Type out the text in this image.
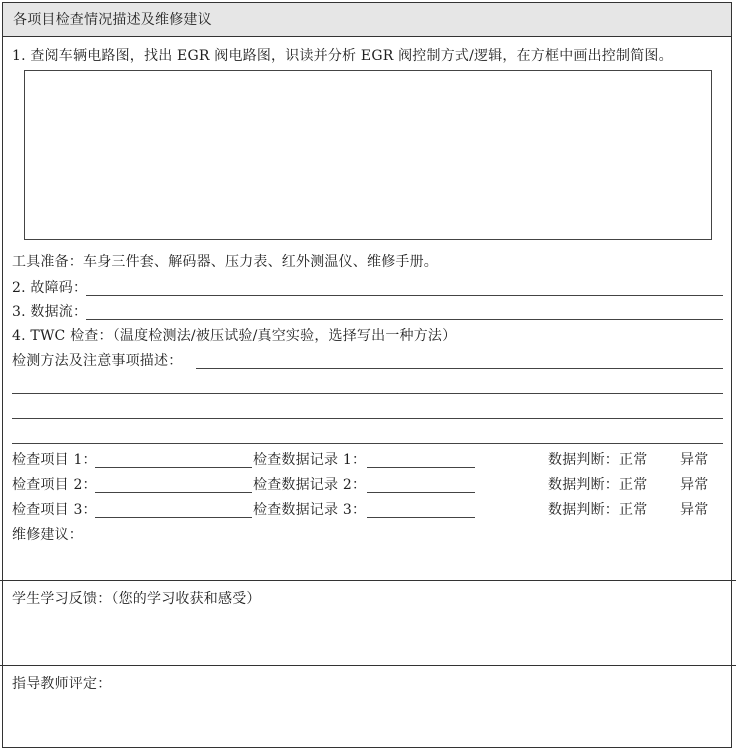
各项目检查情况描述及维修建议
1. 查阅车辆电路图，找出 EGR 阀电路图，识读并分析 EGR 阀控制方式/逻辑，在方框中画出控制简图。
工具准备：车身三件套、解码器、压力表、红外测温仪、维修手册。
2. 故障码：
3. 数据流：
4. TWC 检查：（温度检测法/被压试验/真空实验，选择写出一种方法）
检测方法及注意事项描述：
检查项目 1：	检查数据记录 1：	数据判断：正常 异常
检查项目 2：	检查数据记录 2：	数据判断：正常 异常
检查项目 3：	检查数据记录 3：	数据判断：正常 异常
维修建议：
学生学习反馈：（您的学习收获和感受）
指导教师评定：
